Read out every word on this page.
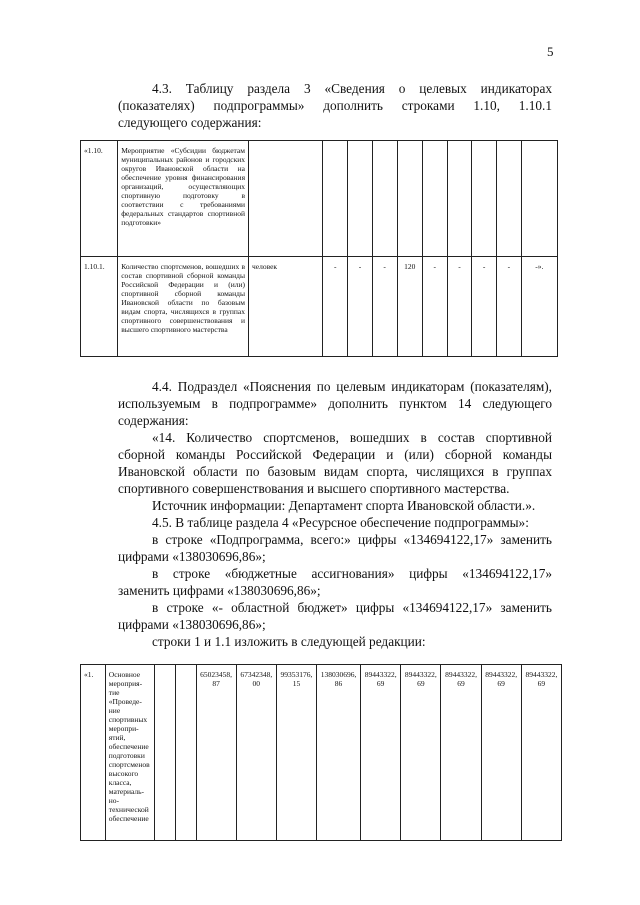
5
4.3. Таблицу раздела 3 «Сведения о целевых индикаторах
(показателях) подпрограммы» дополнить строками 1.10, 1.10.1
следующего содержания:
«1.10.	Мероприятие «Субсидии бюджетам муниципальных районов и городских округов Ивановской области на обеспечение уровня финансирования организаций, осуществляющих спортивную подготовку в соответствии с требованиями федеральных стандартов спортивной подготовки»										
1.10.1.	Количество спортсменов, вошедших в состав спортивной сборной команды Российской Федерации и (или) спортивной сборной команды Ивановской области по базовым видам спорта, числящихся в группах спортивного совершенствования и высшего спортивного мастерства	человек	-	-	-	120	-	-	-	-	-».
4.4. Подраздел «Пояснения по целевым индикаторам (показателям),
используемым в подпрограмме» дополнить пунктом 14 следующего
содержания:
«14. Количество спортсменов, вошедших в состав спортивной
сборной команды Российской Федерации и (или) сборной команды
Ивановской области по базовым видам спорта, числящихся в группах
спортивного совершенствования и высшего спортивного мастерства.
Источник информации: Департамент спорта Ивановской области.».
4.5. В таблице раздела 4 «Ресурсное обеспечение подпрограммы»:
в строке «Подпрограмма, всего:» цифры «134694122,17» заменить
цифрами «138030696,86»;
в строке «бюджетные ассигнования» цифры «134694122,17»
заменить цифрами «138030696,86»;
в строке «- областной бюджет» цифры «134694122,17» заменить
цифрами «138030696,86»;
строки 1 и 1.1 изложить в следующей редакции:
«1.	Основное мероприя-тие «Проведе-ние спортивных меропри-ятий, обеспечение подготовки спортсменов высокого класса, материаль-но-технической обеспечение			65023458, 87	67342348, 00	99353176, 15	138030696, 86	89443322, 69	89443322, 69	89443322, 69	89443322, 69	89443322, 69
